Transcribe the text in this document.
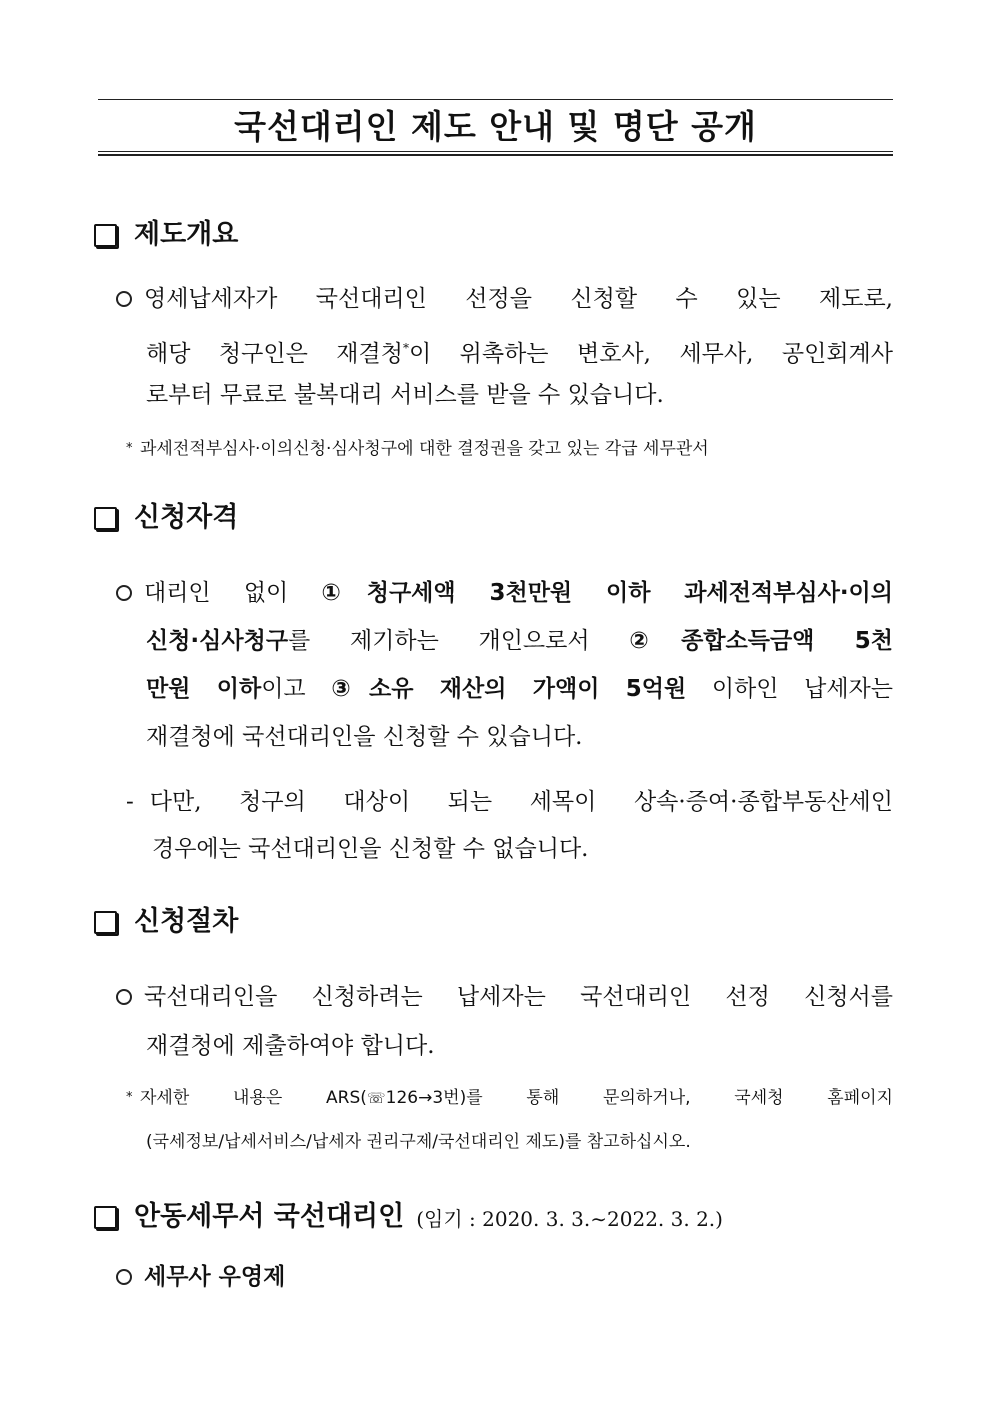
국선대리인 제도 안내 및 명단 공개
제도개요
영세납세자가 국선대리인 선정을 신청할 수 있는 제도로,
해당 청구인은 재결청*이 위촉하는 변호사, 세무사, 공인회계사
로부터 무료로 불복대리 서비스를 받을 수 있습니다.
* 과세전적부심사·이의신청·심사청구에 대한 결정권을 갖고 있는 각급 세무관서
신청자격
대리인 없이 ①청구세액 3천만원 이하 과세전적부심사·이의
신청·심사청구를 제기하는 개인으로서 ②종합소득금액 5천
만원 이하이고 ③소유 재산의 가액이 5억원 이하인 납세자는
재결청에 국선대리인을 신청할 수 있습니다.
- 다만, 청구의 대상이 되는 세목이 상속·증여·종합부동산세인
경우에는 국선대리인을 신청할 수 없습니다.
신청절차
국선대리인을 신청하려는 납세자는 국선대리인 선정 신청서를
재결청에 제출하여야 합니다.
* 자세한 내용은 ARS(☏126→3번)를 통해 문의하거나, 국세청 홈페이지
(국세정보/납세서비스/납세자 권리구제/국선대리인 제도)를 참고하십시오.
안동세무서 국선대리인 (임기 : 2020. 3. 3.∼2022. 3. 2.)
세무사 우영제
